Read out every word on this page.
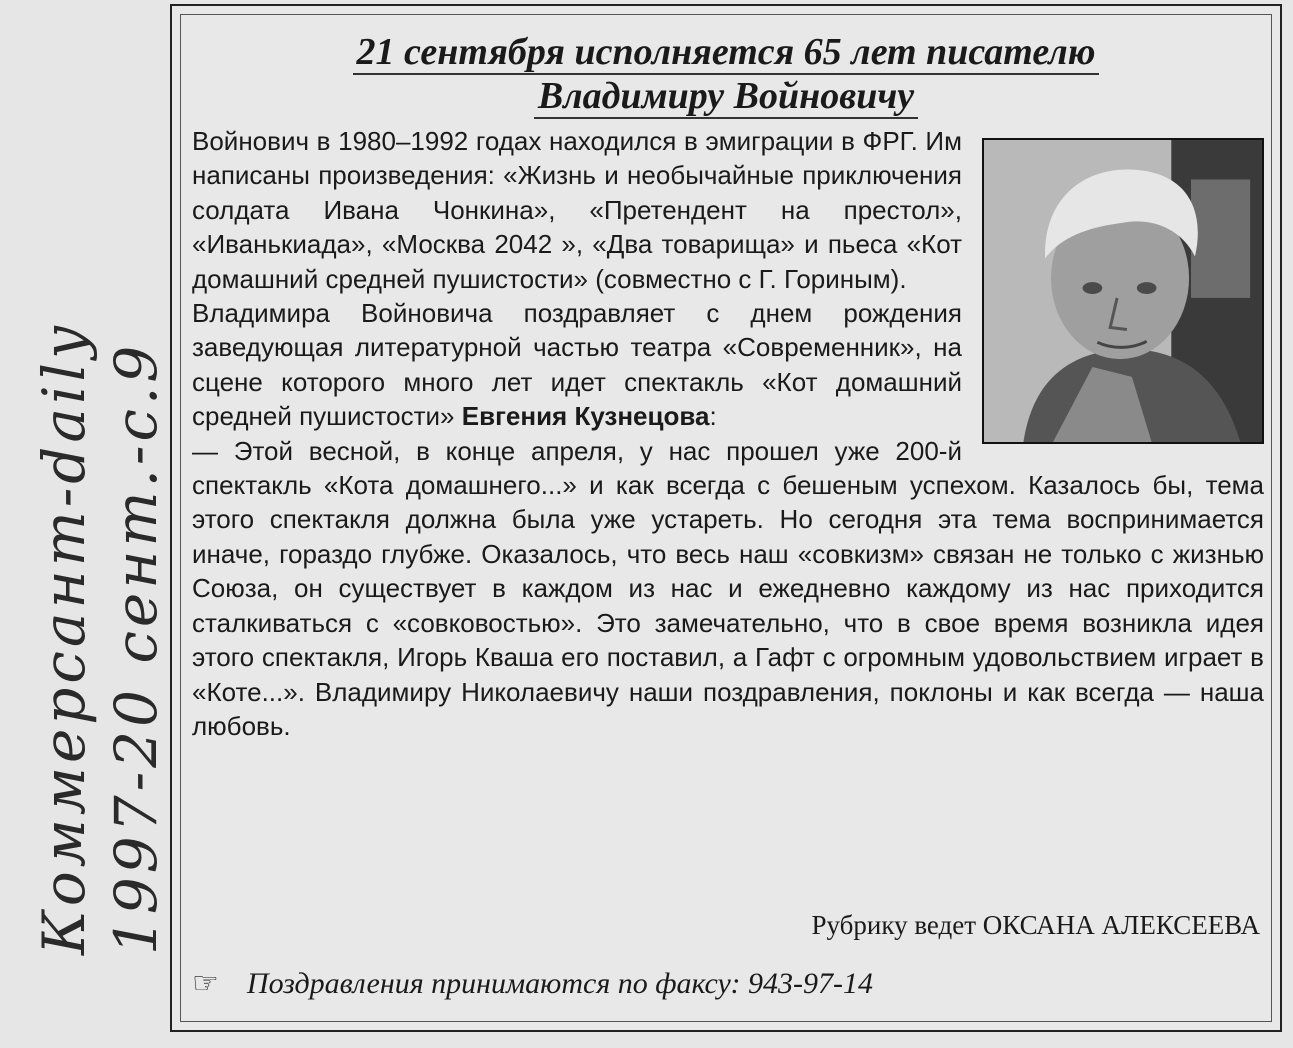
Коммерсант-daily 1997-20 сент.-с.9
21 сентября исполняется 65 лет писателю
Владимиру Войновичу

Войнович в 1980–1992 годах находился в эмиграции в ФРГ. Им написаны произведения: «Жизнь и необычайные приключения солдата Ивана Чонкина», «Претендент на престол», «Иванькиада», «Москва 2042 », «Два товарища» и пьеса «Кот домашний средней пушистости» (совместно с Г. Гориным).

Владимира Войновича поздравляет с днем рождения заведующая литературной частью театра «Современник», на сцене которого много лет идет спектакль «Кот домашний средней пушистости» Евгения Кузнецова:

— Этой весной, в конце апреля, у нас прошел уже 200-й спектакль «Кота домашнего...» и как всегда с бешеным успехом. Казалось бы, тема этого спектакля должна была уже устареть. Но сегодня эта тема воспринимается иначе, гораздо глубже. Оказалось, что весь наш «совкизм» связан не только с жизнью Союза, он существует в каждом из нас и ежедневно каждому из нас приходится сталкиваться с «совковостью». Это замечательно, что в свое время возникла идея этого спектакля, Игорь Кваша его поставил, а Гафт с огромным удовольствием играет в «Коте...». Владимиру Николаевичу наши поздравления, поклоны и как всегда — наша любовь.

Рубрику ведет ОКСАНА АЛЕКСЕЕВА
☞ Поздравления принимаются по факсу: 943-97-14
